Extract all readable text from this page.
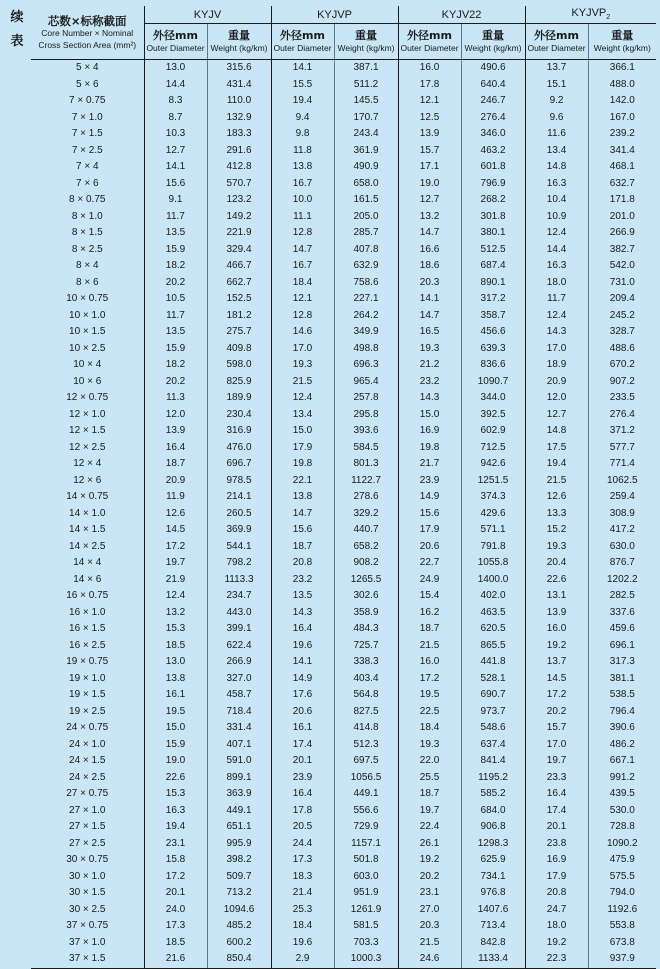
续
表
芯数×标称截面
Core Number × Nominal
Cross Section Area (mm²)	KYJV		KYJVP		KYJV22		$KYJVP_2$

	外径mm
Outer Diameter	重量
Weight (kg/km)	外径mm
Outer Diameter	重量
Weight (kg/km)	外径mm
Outer Diameter	重量
Weight (kg/km)	外径mm
Outer Diameter	重量
Weight (kg/km)

5 × 4	13.0	315.6	14.1	387.1	16.0	490.6	13.7	366.1
5 × 6	14.4	431.4	15.5	511.2	17.8	640.4	15.1	488.0
7 × 0.75	8.3	110.0	19.4	145.5	12.1	246.7	9.2	142.0
7 × 1.0	8.7	132.9	9.4	170.7	12.5	276.4	9.6	167.0
7 × 1.5	10.3	183.3	9.8	243.4	13.9	346.0	11.6	239.2
7 × 2.5	12.7	291.6	11.8	361.9	15.7	463.2	13.4	341.4
7 × 4	14.1	412.8	13.8	490.9	17.1	601.8	14.8	468.1
7 × 6	15.6	570.7	16.7	658.0	19.0	796.9	16.3	632.7
8 × 0.75	9.1	123.2	10.0	161.5	12.7	268.2	10.4	171.8
8 × 1.0	11.7	149.2	11.1	205.0	13.2	301.8	10.9	201.0
8 × 1.5	13.5	221.9	12.8	285.7	14.7	380.1	12.4	266.9
8 × 2.5	15.9	329.4	14.7	407.8	16.6	512.5	14.4	382.7
8 × 4	18.2	466.7	16.7	632.9	18.6	687.4	16.3	542.0
8 × 6	20.2	662.7	18.4	758.6	20.3	890.1	18.0	731.0
10 × 0.75	10.5	152.5	12.1	227.1	14.1	317.2	11.7	209.4
10 × 1.0	11.7	181.2	12.8	264.2	14.7	358.7	12.4	245.2
10 × 1.5	13.5	275.7	14.6	349.9	16.5	456.6	14.3	328.7
10 × 2.5	15.9	409.8	17.0	498.8	19.3	639.3	17.0	488.6
10 × 4	18.2	598.0	19.3	696.3	21.2	836.6	18.9	670.2
10 × 6	20.2	825.9	21.5	965.4	23.2	1090.7	20.9	907.2
12 × 0.75	11.3	189.9	12.4	257.8	14.3	344.0	12.0	233.5
12 × 1.0	12.0	230.4	13.4	295.8	15.0	392.5	12.7	276.4
12 × 1.5	13.9	316.9	15.0	393.6	16.9	602.9	14.8	371.2
12 × 2.5	16.4	476.0	17.9	584.5	19.8	712.5	17.5	577.7
12 × 4	18.7	696.7	19.8	801.3	21.7	942.6	19.4	771.4
12 × 6	20.9	978.5	22.1	1122.7	23.9	1251.5	21.5	1062.5
14 × 0.75	11.9	214.1	13.8	278.6	14.9	374.3	12.6	259.4
14 × 1.0	12.6	260.5	14.7	329.2	15.6	429.6	13.3	308.9
14 × 1.5	14.5	369.9	15.6	440.7	17.9	571.1	15.2	417.2
14 × 2.5	17.2	544.1	18.7	658.2	20.6	791.8	19.3	630.0
14 × 4	19.7	798.2	20.8	908.2	22.7	1055.8	20.4	876.7
14 × 6	21.9	1113.3	23.2	1265.5	24.9	1400.0	22.6	1202.2
16 × 0.75	12.4	234.7	13.5	302.6	15.4	402.0	13.1	282.5
16 × 1.0	13.2	443.0	14.3	358.9	16.2	463.5	13.9	337.6
16 × 1.5	15.3	399.1	16.4	484.3	18.7	620.5	16.0	459.6
16 × 2.5	18.5	622.4	19.6	725.7	21.5	865.5	19.2	696.1
19 × 0.75	13.0	266.9	14.1	338.3	16.0	441.8	13.7	317.3
19 × 1.0	13.8	327.0	14.9	403.4	17.2	528.1	14.5	381.1
19 × 1.5	16.1	458.7	17.6	564.8	19.5	690.7	17.2	538.5
19 × 2.5	19.5	718.4	20.6	827.5	22.5	973.7	20.2	796.4
24 × 0.75	15.0	331.4	16.1	414.8	18.4	548.6	15.7	390.6
24 × 1.0	15.9	407.1	17.4	512.3	19.3	637.4	17.0	486.2
24 × 1.5	19.0	591.0	20.1	697.5	22.0	841.4	19.7	667.1
24 × 2.5	22.6	899.1	23.9	1056.5	25.5	1195.2	23.3	991.2
27 × 0.75	15.3	363.9	16.4	449.1	18.7	585.2	16.4	439.5
27 × 1.0	16.3	449.1	17.8	556.6	19.7	684.0	17.4	530.0
27 × 1.5	19.4	651.1	20.5	729.9	22.4	906.8	20.1	728.8
27 × 2.5	23.1	995.9	24.4	1157.1	26.1	1298.3	23.8	1090.2
30 × 0.75	15.8	398.2	17.3	501.8	19.2	625.9	16.9	475.9
30 × 1.0	17.2	509.7	18.3	603.0	20.2	734.1	17.9	575.5
30 × 1.5	20.1	713.2	21.4	951.9	23.1	976.8	20.8	794.0
30 × 2.5	24.0	1094.6	25.3	1261.9	27.0	1407.6	24.7	1192.6
37 × 0.75	17.3	485.2	18.4	581.5	20.3	713.4	18.0	553.8
37 × 1.0	18.5	600.2	19.6	703.3	21.5	842.8	19.2	673.8
37 × 1.5	21.6	850.4	2.9	1000.3	24.6	1133.4	22.3	937.9
